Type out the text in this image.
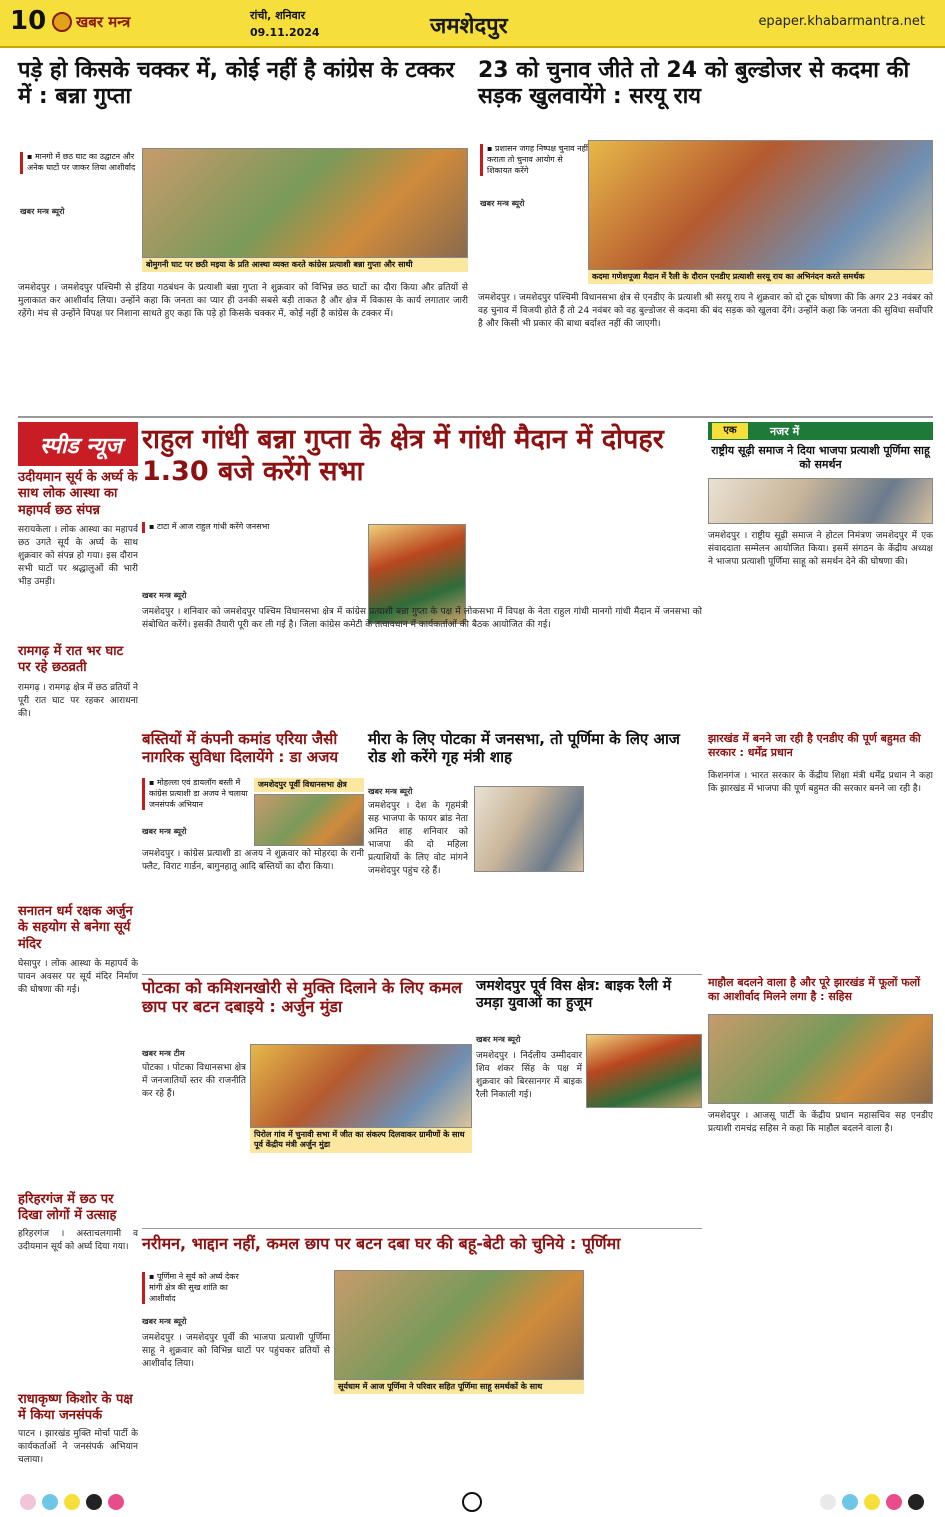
10 खबर मन्त्र	रांची, शनिवार
09.11.2024	जमशेदपुर	epaper.khabarmantra.net
पड़े हो किसके चक्कर में, कोई नहीं है कांग्रेस के टक्कर में : बन्ना गुप्ता
▪ मानगो में छठ घाट का उद्घाटन और अनेक घाटों पर जाकर लिया आशीर्वाद
खबर मन्त्र ब्यूरो
बोमुगनी घाट पर छठी मइया के प्रति आस्था व्यक्त करते कांग्रेस प्रत्याशी बन्ना गुप्ता और साथी
जमशेदपुर । जमशेदपुर पश्चिमी से इंडिया गठबंधन के प्रत्याशी बन्ना गुप्ता ने शुक्रवार को विभिन्न छठ घाटों का दौरा किया और व्रतियों से मुलाकात कर आशीर्वाद लिया। उन्होंने कहा कि जनता का प्यार ही उनकी सबसे बड़ी ताकत है और क्षेत्र में विकास के कार्य लगातार जारी रहेंगे। मंच से उन्होंने विपक्ष पर निशाना साधते हुए कहा कि पड़े हो किसके चक्कर में, कोई नहीं है कांग्रेस के टक्कर में।
23 को चुनाव जीते तो 24 को बुल्डोजर से कदमा की सड़क खुलवायेंगे : सरयू राय
▪ प्रशासन जगह निष्पक्ष चुनाव नहीं कराता तो चुनाव आयोग से शिकायत करेंगे
खबर मन्त्र ब्यूरो
कदमा गणेशपूजा मैदान में रैली के दौरान एनडीए प्रत्याशी सरयू राय का अभिनंदन करते समर्थक
जमशेदपुर । जमशेदपुर पश्चिमी विधानसभा क्षेत्र से एनडीए के प्रत्याशी श्री सरयू राय ने शुक्रवार को दो टूक घोषणा की कि अगर 23 नवंबर को वह चुनाव में विजयी होते हैं तो 24 नवंबर को वह बुल्डोजर से कदमा की बंद सड़क को खुलवा देंगे। उन्होंने कहा कि जनता की सुविधा सर्वोपरि है और किसी भी प्रकार की बाधा बर्दाश्त नहीं की जाएगी।
स्पीड न्यूज
उदीयमान सूर्य के अर्घ्य के साथ लोक आस्था का महापर्व छठ संपन्न
सरायकेला । लोक आस्था का महापर्व छठ उगते सूर्य के अर्घ्य के साथ शुक्रवार को संपन्न हो गया। इस दौरान सभी घाटों पर श्रद्धालुओं की भारी भीड़ उमड़ी।
रामगढ़ में रात भर घाट पर रहे छठव्रती
रामगढ़ । रामगढ़ क्षेत्र में छठ व्रतियों ने पूरी रात घाट पर रहकर आराधना की।
सनातन धर्म रक्षक अर्जुन के सहयोग से बनेगा सूर्य मंदिर
घेसापुर । लोक आस्था के महापर्व के पावन अवसर पर सूर्य मंदिर निर्माण की घोषणा की गई।
हरिहरगंज में छठ पर दिखा लोगों में उत्साह
हरिहरगंज । अस्ताचलगामी व उदीयमान सूर्य को अर्घ्य दिया गया।
राधाकृष्ण किशोर के पक्ष में किया जनसंपर्क
पाटन । झारखंड मुक्ति मोर्चा पार्टी के कार्यकर्ताओं ने जनसंपर्क अभियान चलाया।
राहुल गांधी बन्ना गुप्ता के क्षेत्र में गांधी मैदान में दोपहर 1.30 बजे करेंगे सभा
▪ टाटा में आज राहुल गांधी करेंगे जनसभा
खबर मन्त्र ब्यूरो
जमशेदपुर । शनिवार को जमशेदपुर पश्चिम विधानसभा क्षेत्र में कांग्रेस प्रत्याशी बन्ना गुप्ता के पक्ष में लोकसभा में विपक्ष के नेता राहुल गांधी मानगो गांधी मैदान में जनसभा को संबोधित करेंगे। इसकी तैयारी पूरी कर ली गई है। जिला कांग्रेस कमेटी के तत्वावधान में कार्यकर्ताओं की बैठक आयोजित की गई।
एक	नजर में
राष्ट्रीय सूढ़ी समाज ने दिया भाजपा प्रत्याशी पूर्णिमा साहू को समर्थन
जमशेदपुर । राष्ट्रीय सूढ़ी समाज ने होटल निमंत्रण जमशेदपुर में एक संवाददाता सम्मेलन आयोजित किया। इसमें संगठन के केंद्रीय अध्यक्ष ने भाजपा प्रत्याशी पूर्णिमा साहू को समर्थन देने की घोषणा की।
झारखंड में बनने जा रही है एनडीए की पूर्ण बहुमत की सरकार : धर्मेंद्र प्रधान
किशनगंज । भारत सरकार के केंद्रीय शिक्षा मंत्री धर्मेंद्र प्रधान ने कहा कि झारखंड में भाजपा की पूर्ण बहुमत की सरकार बनने जा रही है।
माहौल बदलने वाला है और पूरे झारखंड में फूलों फलों का आशीर्वाद मिलने लगा है : सहिस
जमशेदपुर । आजसू पार्टी के केंद्रीय प्रधान महासचिव सह एनडीए प्रत्याशी रामचंद्र सहिस ने कहा कि माहौल बदलने वाला है।
बस्तियों में कंपनी कमांड एरिया जैसी नागरिक सुविधा दिलायेंगे : डा अजय
▪ मोहल्ला एवं डायलॉग बस्ती में कांग्रेस प्रत्याशी डा अजय ने चलाया जनसंपर्क अभियान
खबर मन्त्र ब्यूरो
जमशेदपुर पूर्वी विधानसभा क्षेत्र
जमशेदपुर । कांग्रेस प्रत्याशी डा अजय ने शुक्रवार को मोहरदा के रानी फ्लैट, विराट गार्डन, बागुनहातु आदि बस्तियों का दौरा किया।
मीरा के लिए पोटका में जनसभा, तो पूर्णिमा के लिए आज रोड शो करेंगे गृह मंत्री शाह
खबर मन्त्र ब्यूरो
जमशेदपुर । देश के गृहमंत्री सह भाजपा के फायर ब्रांड नेता अमित शाह शनिवार को भाजपा की दो महिला प्रत्याशियों के लिए वोट मांगने जमशेदपुर पहुंच रहे हैं।
पोटका को कमिशनखोरी से मुक्ति दिलाने के लिए कमल छाप पर बटन दबाइये : अर्जुन मुंडा
खबर मन्त्र टीम
पिरोल गांव में चुनावी सभा में जीत का संकल्प दिलवाकर ग्रामीणों के साथ पूर्व केंद्रीय मंत्री अर्जुन मुंडा
पोटका । पोटका विधानसभा क्षेत्र में जनजातियों स्तर की राजनीति कर रहे हैं।
जमशेदपुर पूर्व विस क्षेत्र: बाइक रैली में उमड़ा युवाओं का हुजूम
खबर मन्त्र ब्यूरो
जमशेदपुर । निर्दलीय उम्मीदवार शिव शंकर सिंह के पक्ष में शुक्रवार को बिरसानगर में बाइक रैली निकाली गई।
नरीमन, भाद्दान नहीं, कमल छाप पर बटन दबा घर की बहू-बेटी को चुनिये : पूर्णिमा
▪ पूर्णिमा ने सूर्य को अर्घ्य देकर मांगी क्षेत्र की सुख शांति का आशीर्वाद
खबर मन्त्र ब्यूरो
सूर्यधाम में आज पूर्णिमा ने परिवार सहित पूर्णिमा साहू समर्थकों के साथ
जमशेदपुर । जमशेदपुर पूर्वी की भाजपा प्रत्याशी पूर्णिमा साहू ने शुक्रवार को विभिन्न घाटों पर पहुंचकर व्रतियों से आशीर्वाद लिया।
